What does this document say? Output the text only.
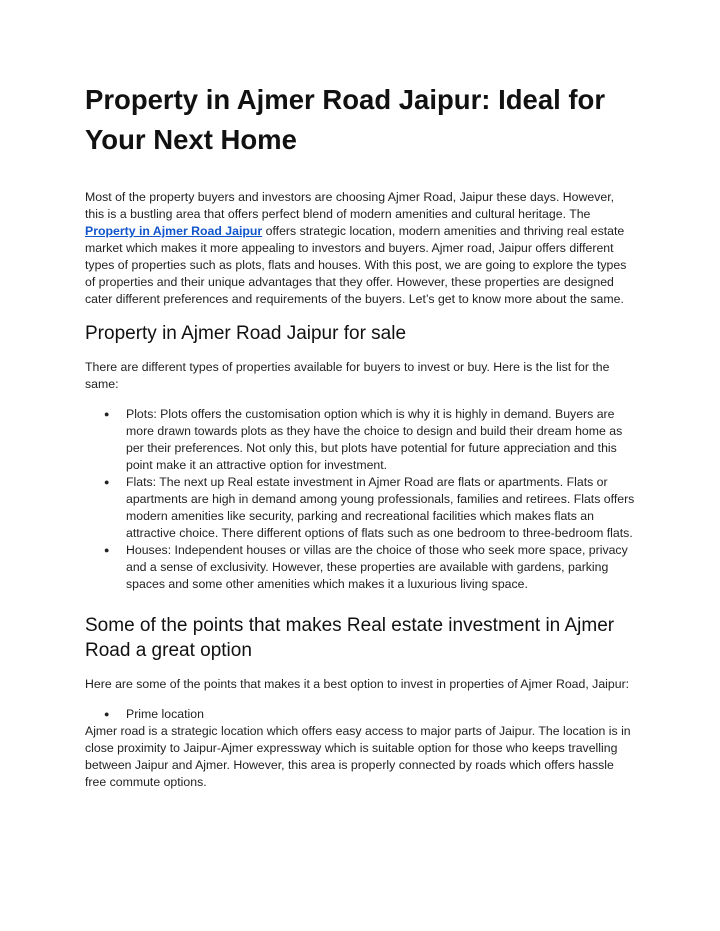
Property in Ajmer Road Jaipur: Ideal for Your Next Home

Most of the property buyers and investors are choosing Ajmer Road, Jaipur these days. However, this is a bustling area that offers perfect blend of modern amenities and cultural heritage. The Property in Ajmer Road Jaipur offers strategic location, modern amenities and thriving real estate market which makes it more appealing to investors and buyers. Ajmer road, Jaipur offers different types of properties such as plots, flats and houses. With this post, we are going to explore the types of properties and their unique advantages that they offer. However, these properties are designed cater different preferences and requirements of the buyers. Let’s get to know more about the same.

Property in Ajmer Road Jaipur for sale

There are different types of properties available for buyers to invest or buy. Here is the list for the same:

● Plots: Plots offers the customisation option which is why it is highly in demand. Buyers are more drawn towards plots as they have the choice to design and build their dream home as per their preferences. Not only this, but plots have potential for future appreciation and this point make it an attractive option for investment.
● Flats: The next up Real estate investment in Ajmer Road are flats or apartments. Flats or apartments are high in demand among young professionals, families and retirees. Flats offers modern amenities like security, parking and recreational facilities which makes flats an attractive choice. There different options of flats such as one bedroom to three-bedroom flats.
● Houses: Independent houses or villas are the choice of those who seek more space, privacy and a sense of exclusivity. However, these properties are available with gardens, parking spaces and some other amenities which makes it a luxurious living space.
Some of the points that makes Real estate investment in Ajmer Road a great option

Here are some of the points that makes it a best option to invest in properties of Ajmer Road, Jaipur:

● Prime location

Ajmer road is a strategic location which offers easy access to major parts of Jaipur. The location is in close proximity to Jaipur-Ajmer expressway which is suitable option for those who keeps travelling between Jaipur and Ajmer. However, this area is properly connected by roads which offers hassle free commute options.
